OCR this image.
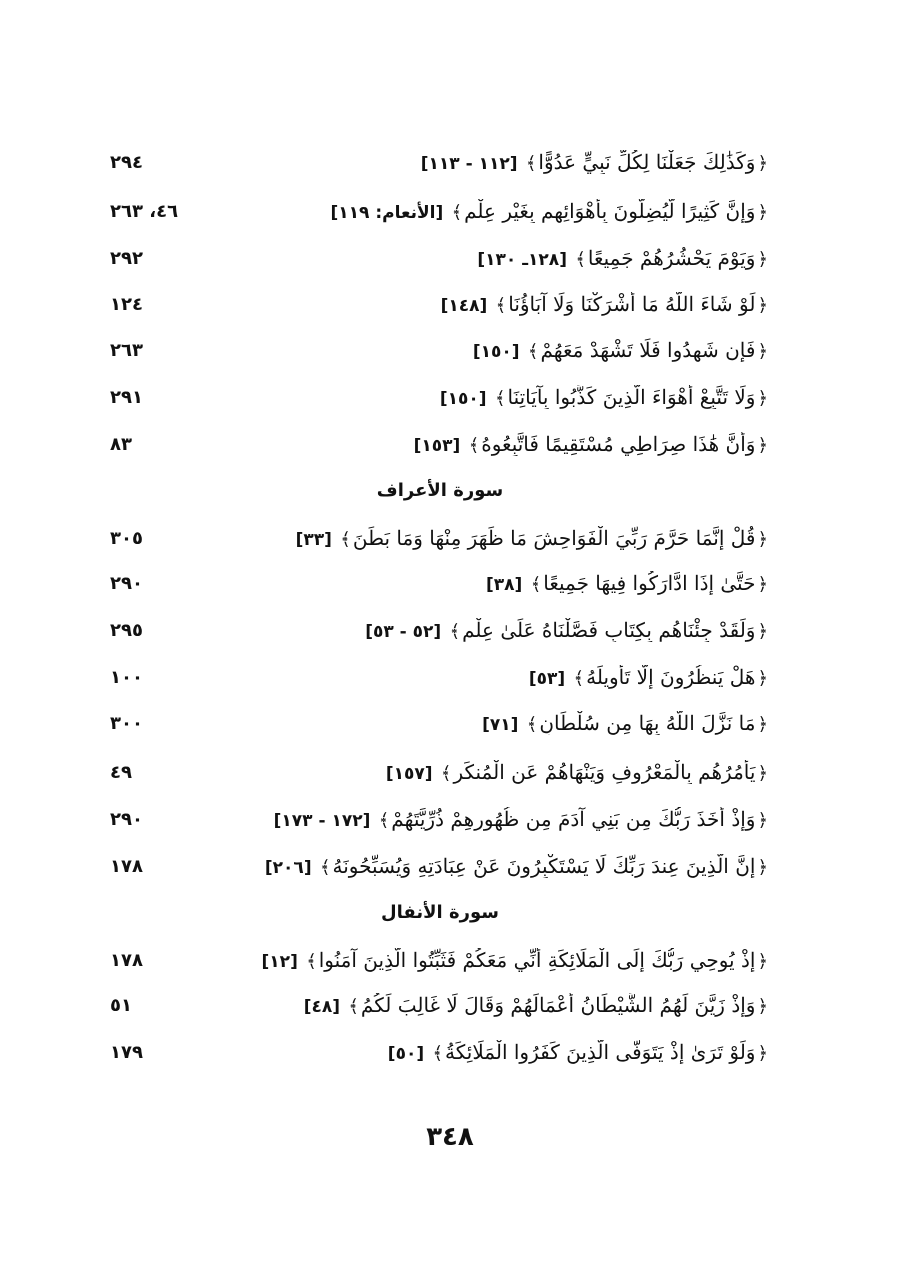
٢٩٤	﴿وَكَذَٰلِكَ جَعَلْنَا لِكُلِّ نَبِيٍّ عَدُوًّا﴾ [١١٢ - ١١٣]
٤٦، ٢٦٣	﴿وَإِنَّ كَثِيرًا لَّيُضِلُّونَ بِأَهْوَائِهِم بِغَيْرِ عِلْمٍ﴾ [الأنعام: ١١٩]
٢٩٢	﴿وَيَوْمَ يَحْشُرُهُمْ جَمِيعًا﴾ [١٢٨ـ ١٣٠]
١٢٤	﴿لَوْ شَاءَ اللَّهُ مَا أَشْرَكْنَا وَلَا آبَاؤُنَا﴾ [١٤٨]
٢٦٣	﴿فَإِن شَهِدُوا فَلَا تَشْهَدْ مَعَهُمْ﴾ [١٥٠]
٢٩١	﴿وَلَا تَتَّبِعْ أَهْوَاءَ الَّذِينَ كَذَّبُوا بِآيَاتِنَا﴾ [١٥٠]
٨٣	﴿وَأَنَّ هَٰذَا صِرَاطِي مُسْتَقِيمًا فَاتَّبِعُوهُ﴾ [١٥٣]
سورة الأعراف
٣٠٥	﴿قُلْ إِنَّمَا حَرَّمَ رَبِّيَ الْفَوَاحِشَ مَا ظَهَرَ مِنْهَا وَمَا بَطَنَ﴾ [٣٣]
٢٩٠	﴿حَتَّىٰ إِذَا ادَّارَكُوا فِيهَا جَمِيعًا﴾ [٣٨]
٢٩٥	﴿وَلَقَدْ جِئْنَاهُم بِكِتَابٍ فَصَّلْنَاهُ عَلَىٰ عِلْمٍ﴾ [٥٢ - ٥٣]
١٠٠	﴿هَلْ يَنظُرُونَ إِلَّا تَأْوِيلَهُ﴾ [٥٣]
٣٠٠	﴿مَا نَزَّلَ اللَّهُ بِهَا مِن سُلْطَانٍ﴾ [٧١]
٤٩	﴿يَأْمُرُهُم بِالْمَعْرُوفِ وَيَنْهَاهُمْ عَنِ الْمُنكَرِ﴾ [١٥٧]
٢٩٠	﴿وَإِذْ أَخَذَ رَبُّكَ مِن بَنِي آدَمَ مِن ظُهُورِهِمْ ذُرِّيَّتَهُمْ﴾ [١٧٢ - ١٧٣]
١٧٨	﴿إِنَّ الَّذِينَ عِندَ رَبِّكَ لَا يَسْتَكْبِرُونَ عَنْ عِبَادَتِهِ وَيُسَبِّحُونَهُ﴾ [٢٠٦]
سورة الأنفال
١٧٨	﴿إِذْ يُوحِي رَبُّكَ إِلَى الْمَلَائِكَةِ أَنِّي مَعَكُمْ فَثَبِّتُوا الَّذِينَ آمَنُوا﴾ [١٢]
٥١	﴿وَإِذْ زَيَّنَ لَهُمُ الشَّيْطَانُ أَعْمَالَهُمْ وَقَالَ لَا غَالِبَ لَكُمُ﴾ [٤٨]
١٧٩	﴿وَلَوْ تَرَىٰ إِذْ يَتَوَفَّى الَّذِينَ كَفَرُوا الْمَلَائِكَةُ﴾ [٥٠]
٣٤٨
